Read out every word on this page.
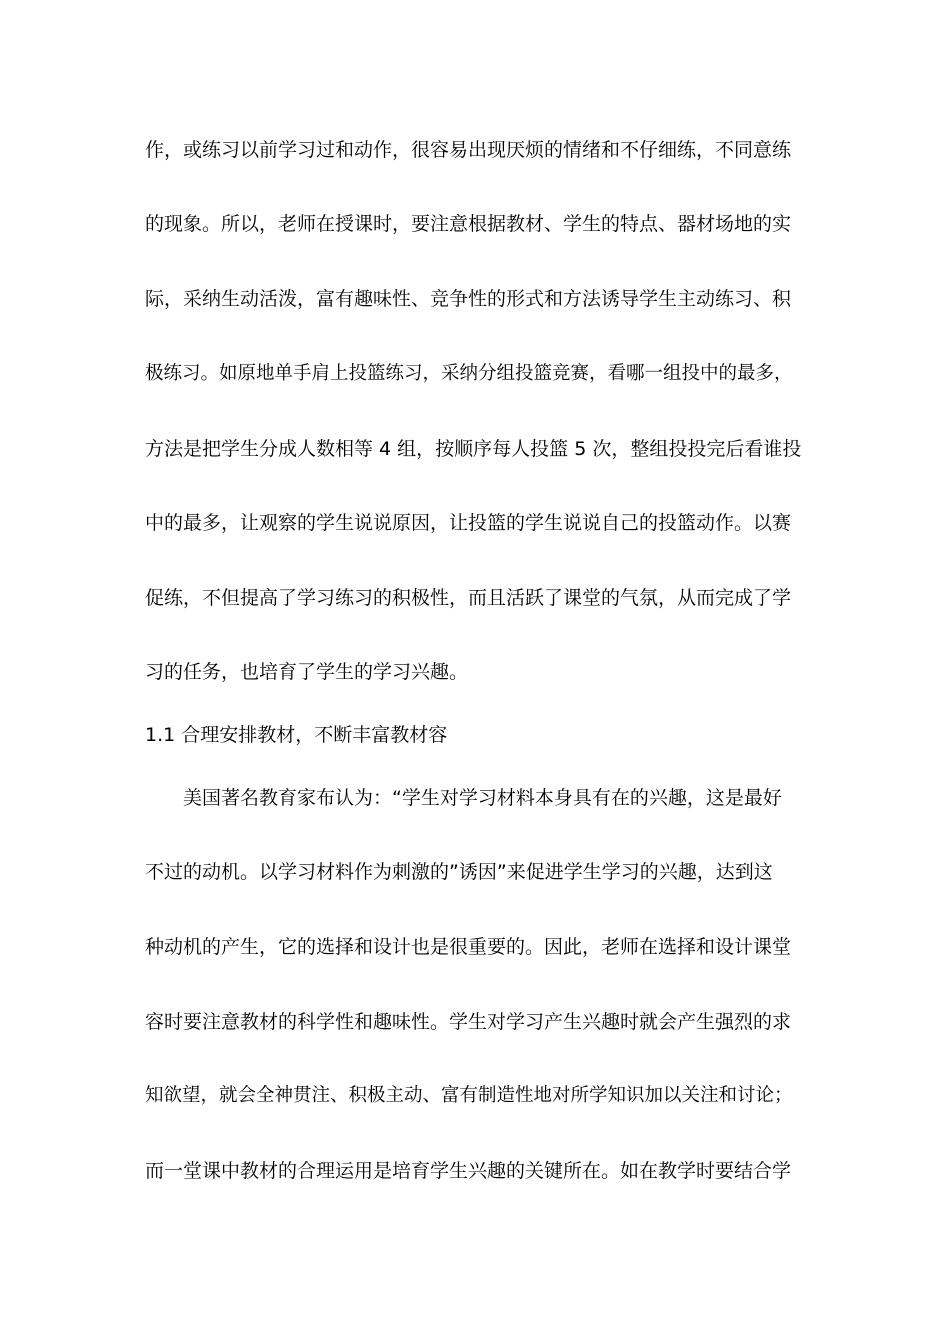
作，或练习以前学习过和动作，很容易出现厌烦的情绪和不仔细练，不同意练
的现象。所以，老师在授课时，要注意根据教材、学生的特点、器材场地的实
际，采纳生动活泼，富有趣味性、竞争性的形式和方法诱导学生主动练习、积
极练习。如原地单手肩上投篮练习，采纳分组投篮竞赛，看哪一组投中的最多，
方法是把学生分成人数相等 4 组，按顺序每人投篮 5 次，整组投投完后看谁投
中的最多，让观察的学生说说原因，让投篮的学生说说自己的投篮动作。以赛
促练，不但提高了学习练习的积极性，而且活跃了课堂的气氛，从而完成了学
习的任务，也培育了学生的学习兴趣。
1.1 合理安排教材，不断丰富教材容
美国著名教育家布认为：“学生对学习材料本身具有在的兴趣，这是最好
不过的动机。以学习材料作为刺激的”诱因”来促进学生学习的兴趣，达到这
种动机的产生，它的选择和设计也是很重要的。因此，老师在选择和设计课堂
容时要注意教材的科学性和趣味性。学生对学习产生兴趣时就会产生强烈的求
知欲望，就会全神贯注、积极主动、富有制造性地对所学知识加以关注和讨论；
而一堂课中教材的合理运用是培育学生兴趣的关键所在。如在教学时要结合学
